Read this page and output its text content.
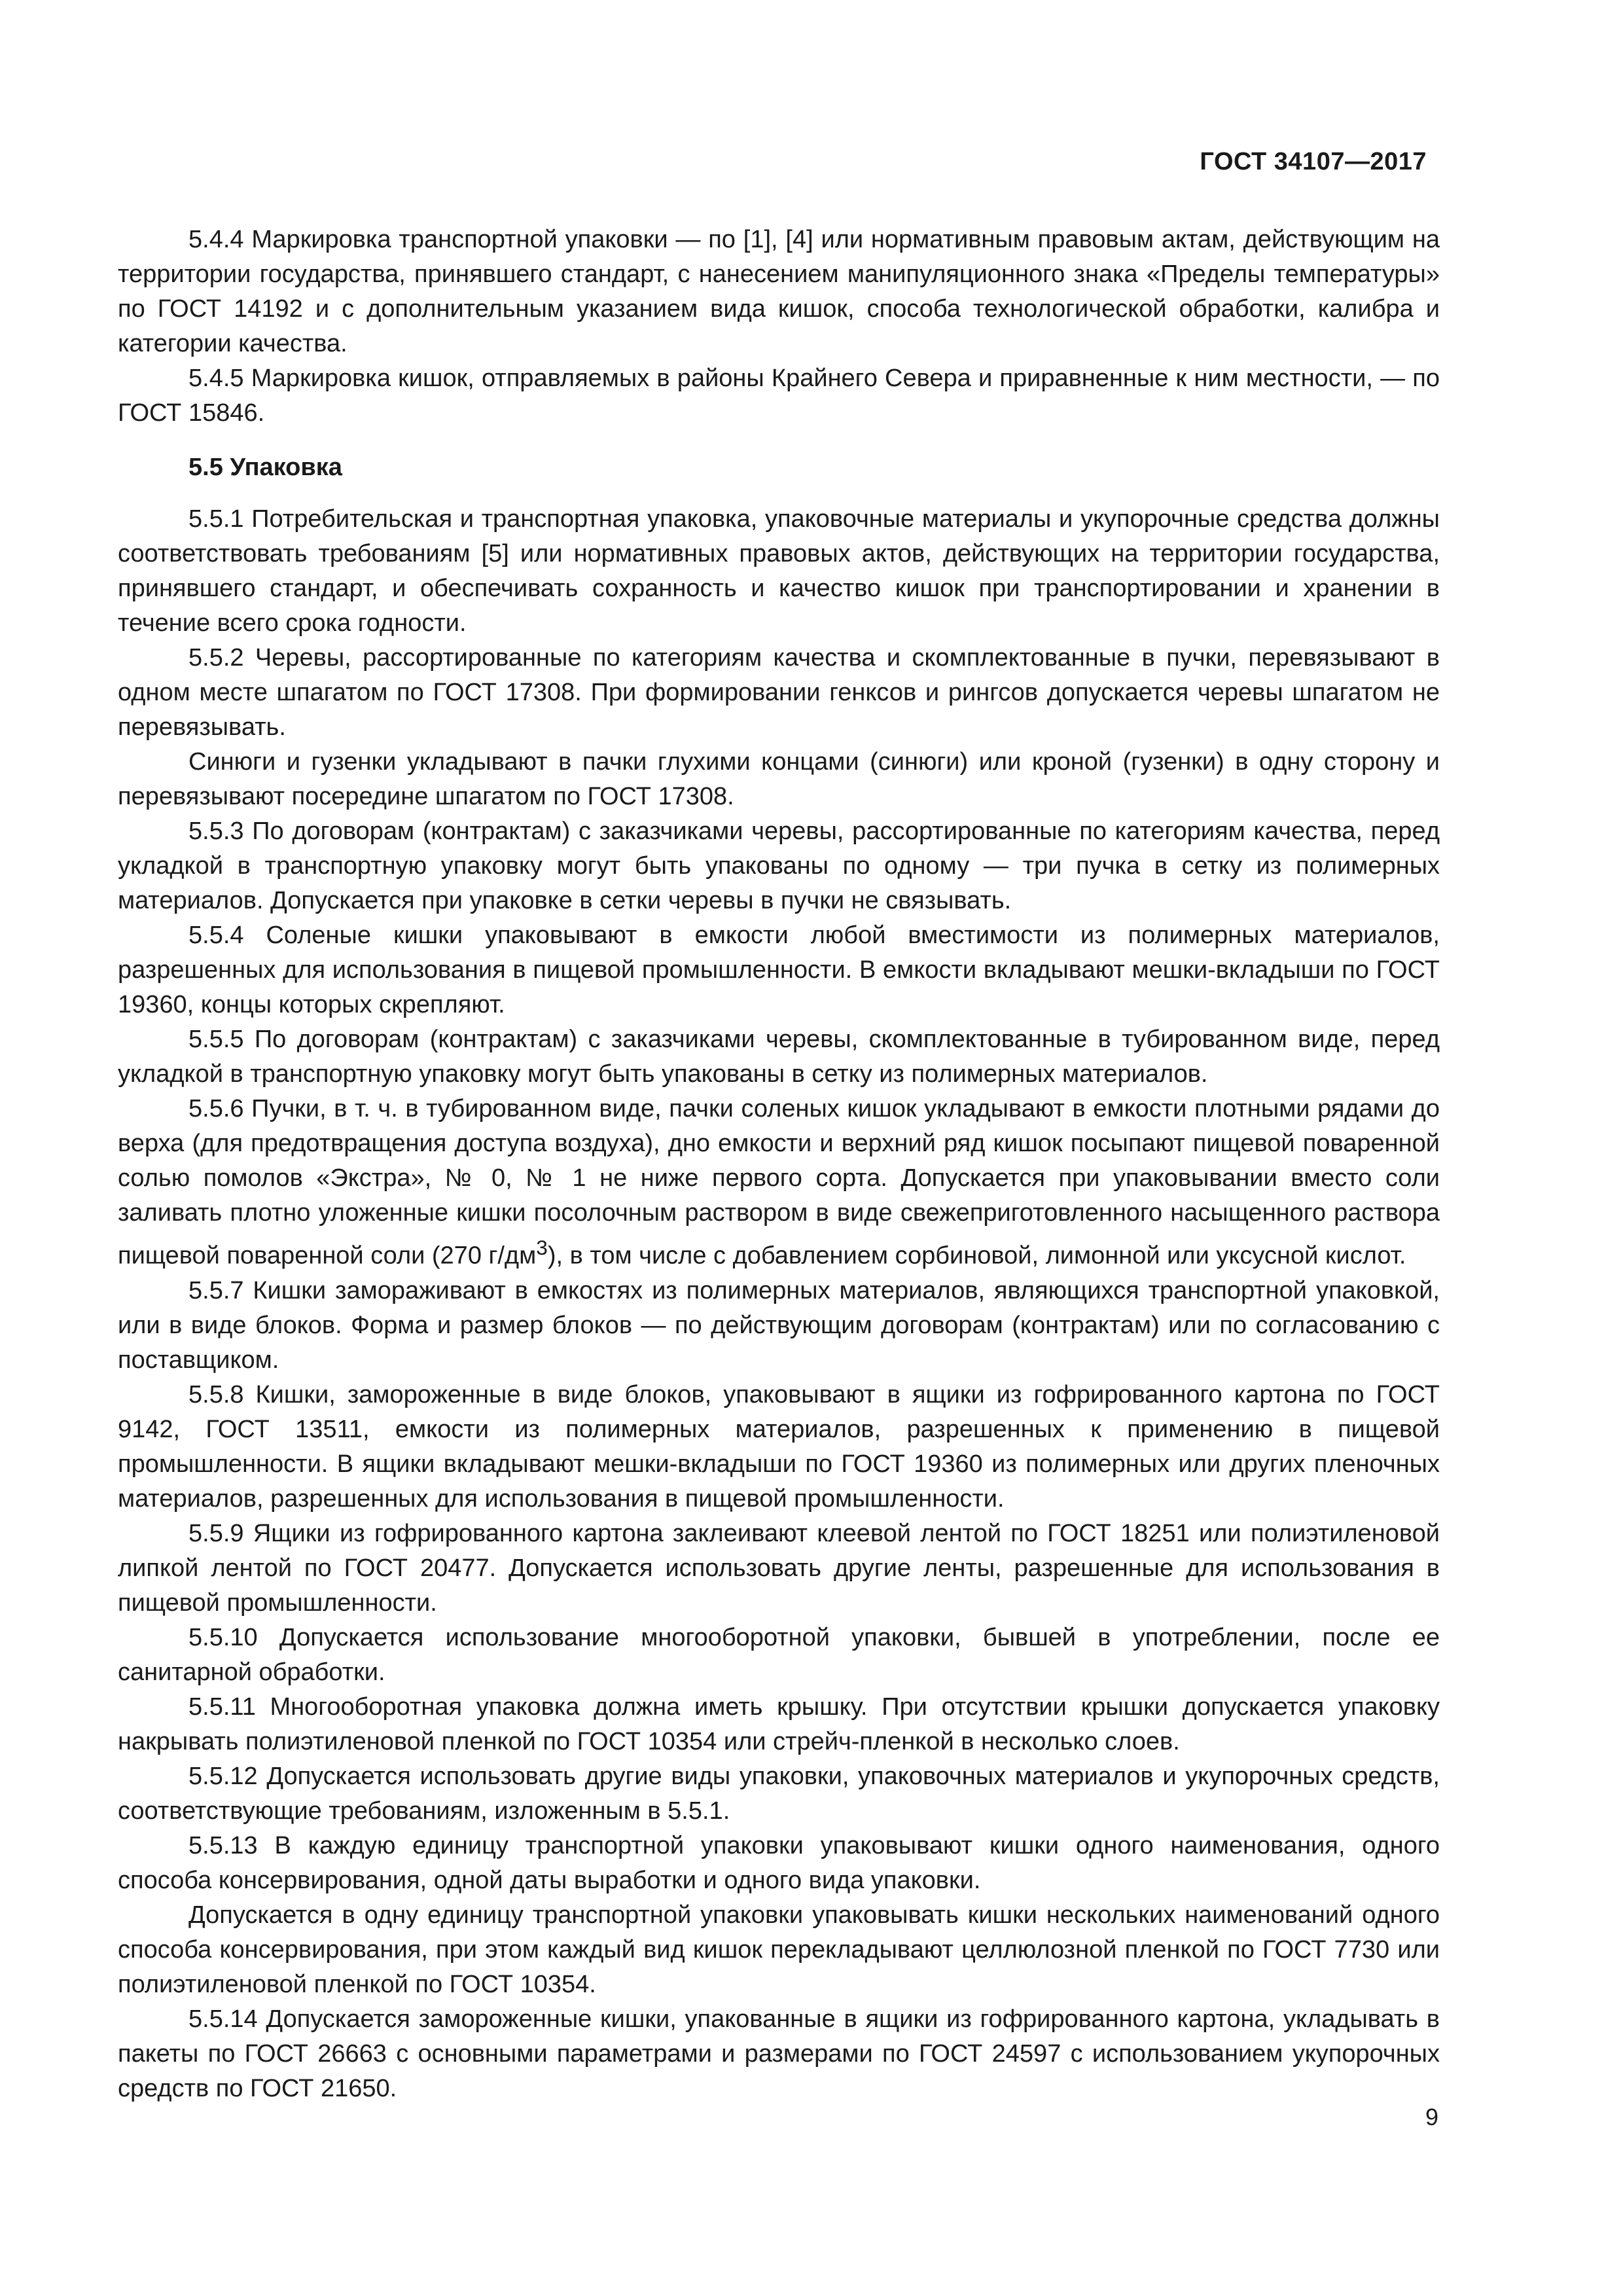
ГОСТ 34107—2017

5.4.4 Маркировка транспортной упаковки — по [1], [4] или нормативным правовым актам, действующим на территории государства, принявшего стандарт, с нанесением манипуляционного знака «Пределы температуры» по ГОСТ 14192 и с дополнительным указанием вида кишок, способа технологической обработки, калибра и категории качества.

5.4.5 Маркировка кишок, отправляемых в районы Крайнего Севера и приравненные к ним местности, — по ГОСТ 15846.

5.5 Упаковка

5.5.1 Потребительская и транспортная упаковка, упаковочные материалы и укупорочные средства должны соответствовать требованиям [5] или нормативных правовых актов, действующих на территории государства, принявшего стандарт, и обеспечивать сохранность и качество кишок при транспортировании и хранении в течение всего срока годности.

5.5.2 Черевы, рассортированные по категориям качества и скомплектованные в пучки, перевязывают в одном месте шпагатом по ГОСТ 17308. При формировании генксов и рингсов допускается черевы шпагатом не перевязывать.

Синюги и гузенки укладывают в пачки глухими концами (синюги) или кроной (гузенки) в одну сторону и перевязывают посередине шпагатом по ГОСТ 17308.

5.5.3 По договорам (контрактам) с заказчиками черевы, рассортированные по категориям качества, перед укладкой в транспортную упаковку могут быть упакованы по одному — три пучка в сетку из полимерных материалов. Допускается при упаковке в сетки черевы в пучки не связывать.

5.5.4 Соленые кишки упаковывают в емкости любой вместимости из полимерных материалов, разрешенных для использования в пищевой промышленности. В емкости вкладывают мешки-вкладыши по ГОСТ 19360, концы которых скрепляют.

5.5.5 По договорам (контрактам) с заказчиками черевы, скомплектованные в тубированном виде, перед укладкой в транспортную упаковку могут быть упакованы в сетку из полимерных материалов.

5.5.6 Пучки, в т. ч. в тубированном виде, пачки соленых кишок укладывают в емкости плотными рядами до верха (для предотвращения доступа воздуха), дно емкости и верхний ряд кишок посыпают пищевой поваренной солью помолов «Экстра», № 0, № 1 не ниже первого сорта. Допускается при упаковывании вместо соли заливать плотно уложенные кишки посолочным раствором в виде свежеприготовленного насыщенного раствора пищевой поваренной соли (270 $г/дм^3$), в том числе с добавлением сорбиновой, лимонной или уксусной кислот.

5.5.7 Кишки замораживают в емкостях из полимерных материалов, являющихся транспортной упаковкой, или в виде блоков. Форма и размер блоков — по действующим договорам (контрактам) или по согласованию с поставщиком.

5.5.8 Кишки, замороженные в виде блоков, упаковывают в ящики из гофрированного картона по ГОСТ 9142, ГОСТ 13511, емкости из полимерных материалов, разрешенных к применению в пищевой промышленности. В ящики вкладывают мешки-вкладыши по ГОСТ 19360 из полимерных или других пленочных материалов, разрешенных для использования в пищевой промышленности.

5.5.9 Ящики из гофрированного картона заклеивают клеевой лентой по ГОСТ 18251 или полиэтиленовой липкой лентой по ГОСТ 20477. Допускается использовать другие ленты, разрешенные для использования в пищевой промышленности.

5.5.10 Допускается использование многооборотной упаковки, бывшей в употреблении, после ее санитарной обработки.

5.5.11 Многооборотная упаковка должна иметь крышку. При отсутствии крышки допускается упаковку накрывать полиэтиленовой пленкой по ГОСТ 10354 или стрейч-пленкой в несколько слоев.

5.5.12 Допускается использовать другие виды упаковки, упаковочных материалов и укупорочных средств, соответствующие требованиям, изложенным в 5.5.1.

5.5.13 В каждую единицу транспортной упаковки упаковывают кишки одного наименования, одного способа консервирования, одной даты выработки и одного вида упаковки.

Допускается в одну единицу транспортной упаковки упаковывать кишки нескольких наименований одного способа консервирования, при этом каждый вид кишок перекладывают целлюлозной пленкой по ГОСТ 7730 или полиэтиленовой пленкой по ГОСТ 10354.

5.5.14 Допускается замороженные кишки, упакованные в ящики из гофрированного картона, укладывать в пакеты по ГОСТ 26663 с основными параметрами и размерами по ГОСТ 24597 с использованием укупорочных средств по ГОСТ 21650.

9
